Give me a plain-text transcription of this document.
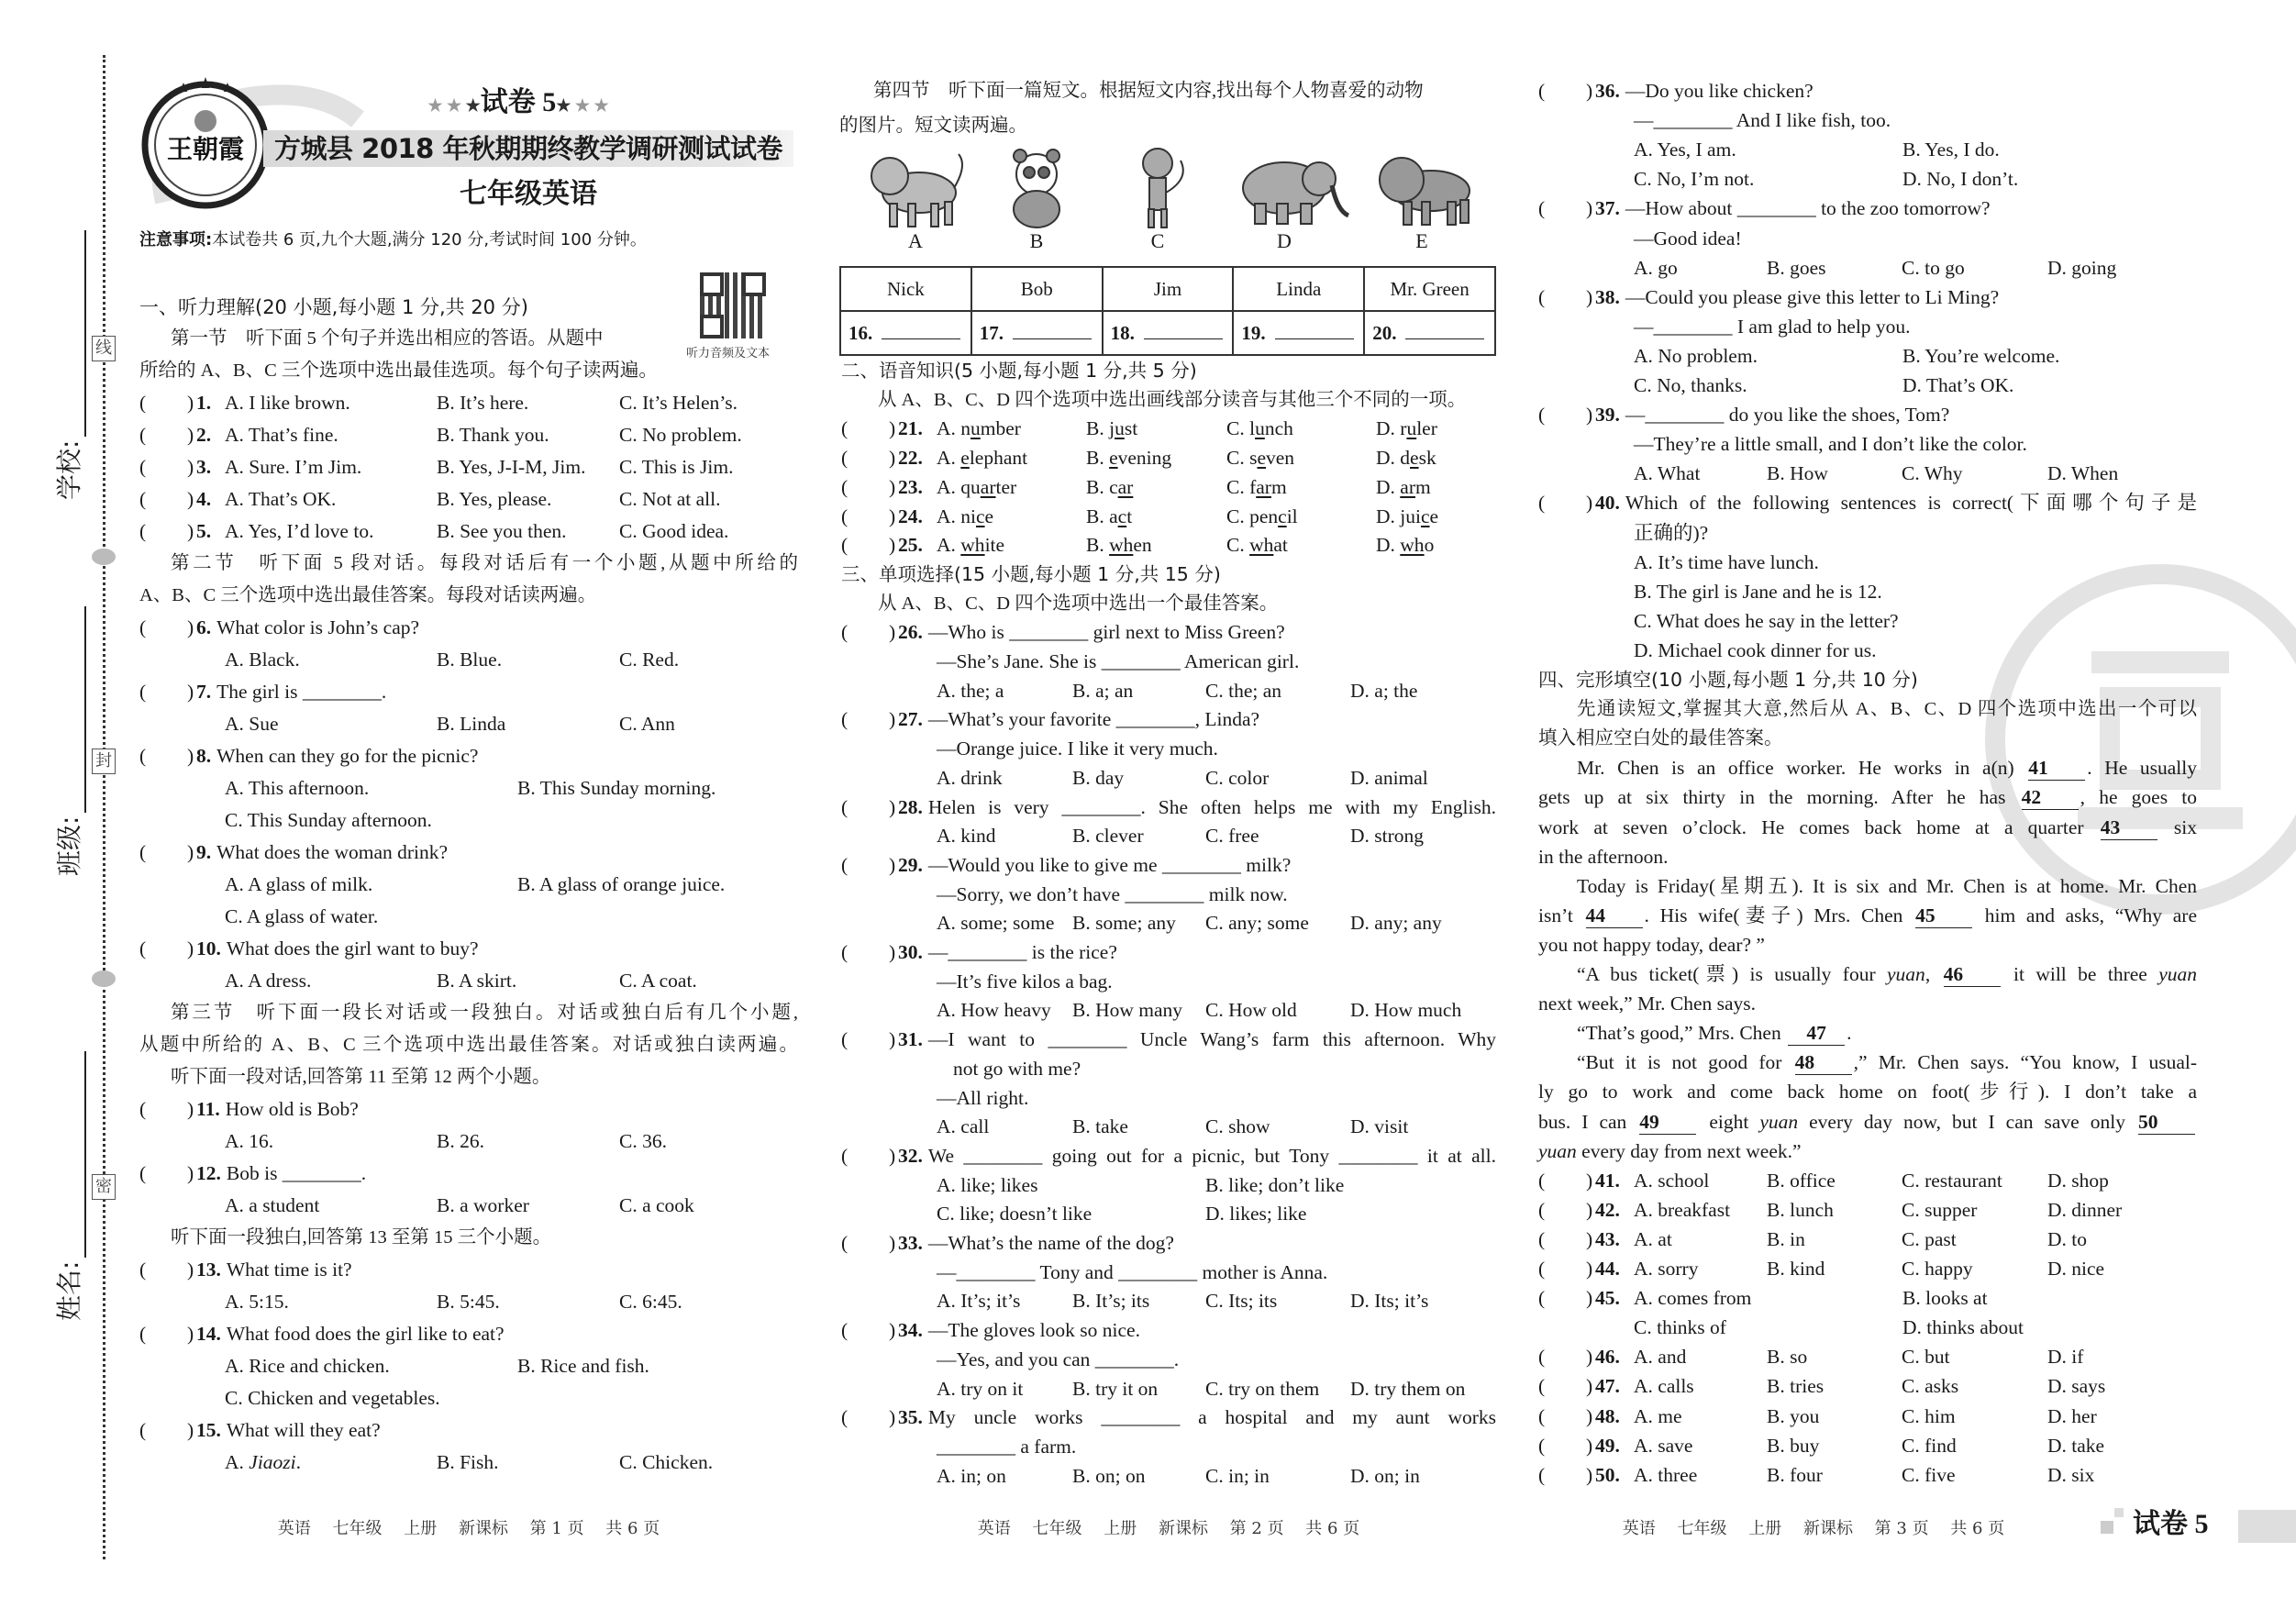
线
封
密
学校:
班级:
姓名:
王朝霞
★ ★ ★试卷 5★ ★ ★
方城县 2018 年秋期期终教学调研测试试卷
七年级英语
注意事项:本试卷共 6 页,九个大题,满分 120 分,考试时间 100 分钟。
一、听力理解(20 小题,每小题 1 分,共 20 分)
听力音频及文本
第一节　听下面 5 个句子并选出相应的答语。从题中
所给的 A、B、C 三个选项中选出最佳选项。每个句子读两遍。
( ) 1. A. I like brown.	B. It’s here.	C. It’s Helen’s.
( ) 2. A. That’s fine.	B. Thank you.	C. No problem.
( ) 3. A. Sure. I’m Jim.	B. Yes, J-I-M, Jim. C. This is Jim.
( ) 4. A. That’s OK.	B. Yes, please.	C. Not at all.
( ) 5. A. Yes, I’d love to.	B. See you then.	C. Good idea.
第二节　听下面 5 段对话。每段对话后有一个小题,从题中所给的
A、B、C 三个选项中选出最佳答案。每段对话读两遍。
( ) 6. What color is John’s cap?
A. Black.	B. Blue.	C. Red.
( ) 7. The girl is ________.
A. Sue	B. Linda	C. Ann
( ) 8. When can they go for the picnic?
A. This afternoon.	B. This Sunday morning.
C. This Sunday afternoon.
( ) 9. What does the woman drink?
A. A glass of milk.	B. A glass of orange juice.
C. A glass of water.
( ) 10. What does the girl want to buy?
A. A dress.	B. A skirt.	C. A coat.
第三节　听下面一段长对话或一段独白。对话或独白后有几个小题,
从题中所给的 A、B、C 三个选项中选出最佳答案。对话或独白读两遍。
听下面一段对话,回答第 11 至第 12 两个小题。
( ) 11. How old is Bob?
A. 16.	B. 26.	C. 36.
( ) 12. Bob is ________.
A. a student	B. a worker	C. a cook
听下面一段独白,回答第 13 至第 15 三个小题。
( ) 13. What time is it?
A. 5:15.	B. 5:45.	C. 6:45.
( ) 14. What food does the girl like to eat?
A. Rice and chicken.	B. Rice and fish.
C. Chicken and vegetables.
( ) 15. What will they eat?
A. Jiaozi.	B. Fish.	C. Chicken.
第四节　听下面一篇短文。根据短文内容,找出每个人物喜爱的动物
的图片。短文读两遍。
A	B	C	D	E
Nick	Bob	Jim	Linda	Mr. Green
16.	17.	18.	19.	20.
二、语音知识(5 小题,每小题 1 分,共 5 分)
从 A、B、C、D 四个选项中选出画线部分读音与其他三个不同的一项。
( ) 21. A. number	B. just	C. lunch	D. ruler
( ) 22. A. elephant	B. evening	C. seven	D. desk
( ) 23. A. quarter	B. car	C. farm	D. arm
( ) 24. A. nice	B. act	C. pencil	D. juice
( ) 25. A. white	B. when	C. what	D. who
三、单项选择(15 小题,每小题 1 分,共 15 分)
从 A、B、C、D 四个选项中选出一个最佳答案。
( ) 26. —Who is ________ girl next to Miss Green?
—She’s Jane. She is ________ American girl.
A. the; a	B. a; an	C. the; an	D. a; the
( ) 27. —What’s your favorite ________, Linda?
—Orange juice. I like it very much.
A. drink	B. day	C. color	D. animal
( ) 28. Helen is very ________. She often helps me with my English.
A. kind	B. clever	C. free	D. strong
( ) 29. —Would you like to give me ________ milk?
—Sorry, we don’t have ________ milk now.
A. some; some B. some; any C. any; some D. any; any
( ) 30. —________ is the rice?
—It’s five kilos a bag.
A. How heavy B. How many C. How old	D. How much
( ) 31. —I want to ________ Uncle Wang’s farm this afternoon. Why
not go with me?
—All right.
A. call	B. take	C. show	D. visit
( ) 32. We ________ going out for a picnic, but Tony ________ it at all.
A. like; likes	B. like; don’t like
C. like; doesn’t like	D. likes; like
( ) 33. —What’s the name of the dog?
—________ Tony and ________ mother is Anna.
A. It’s; it’s	B. It’s; its	C. Its; its	D. Its; it’s
( ) 34. —The gloves look so nice.
—Yes, and you can ________.
A. try on it B. try it on C. try on them D. try them on
( ) 35. My uncle works ________ a hospital and my aunt works
________ a farm.
A. in; on	B. on; on	C. in; in	D. on; in
( ) 36. —Do you like chicken?
—________ And I like fish, too.
A. Yes, I am.	B. Yes, I do.
C. No, I’m not.	D. No, I don’t.
( ) 37. —How about ________ to the zoo tomorrow?
—Good idea!
A. go	B. goes	C. to go	D. going
( ) 38. —Could you please give this letter to Li Ming?
—________ I am glad to help you.
A. No problem.	B. You’re welcome.
C. No, thanks.	D. That’s OK.
( ) 39. —________ do you like the shoes, Tom?
—They’re a little small, and I don’t like the color.
A. What	B. How	C. Why	D. When
( ) 40. Which of the following sentences is correct(下面哪个句子是
正确的)?
A. It’s time have lunch.
B. The girl is Jane and he is 12.
C. What does he say in the letter?
D. Michael cook dinner for us.
四、完形填空(10 小题,每小题 1 分,共 10 分)
先通读短文,掌握其大意,然后从 A、B、C、D 四个选项中选出一个可以
填入相应空白处的最佳答案。
Mr. Chen is an office worker. He works in a(n) 41 . He usually
gets up at six thirty in the morning. After he has 42 , he goes to
work at seven o’clock. He comes back home at a quarter 43 six
in the afternoon.
Today is Friday(星期五). It is six and Mr. Chen is at home. Mr. Chen
isn’t 44 . His wife(妻子) Mrs. Chen 45 him and asks, “Why are
you not happy today, dear? ”
“A bus ticket(票) is usually four yuan, 46 it will be three yuan
next week,” Mr. Chen says.
“That’s good,” Mrs. Chen 47 .
“But it is not good for 48 ,” Mr. Chen says. “You know, I usual-
ly go to work and come back home on foot(步行). I don’t take a
bus. I can 49 eight yuan every day now, but I can save only 50
yuan every day from next week.”
( ) 41. A. school	B. office	C. restaurant D. shop
( ) 42. A. breakfast B. lunch	C. supper	D. dinner
( ) 43. A. at	B. in	C. past	D. to
( ) 44. A. sorry	B. kind	C. happy	D. nice
( ) 45. A. comes from	B. looks at
C. thinks of	D. thinks about
( ) 46. A. and	B. so	C. but	D. if
( ) 47. A. calls	B. tries	C. asks	D. says
( ) 48. A. me	B. you	C. him	D. her
( ) 49. A. save	B. buy	C. find	D. take
( ) 50. A. three	B. four	C. five	D. six
英语　 七年级　 上册　 新课标　 第 1 页　 共 6 页	英语　 七年级　 上册　 新课标　 第 2 页　 共 6 页	英语　 七年级　 上册　 新课标　 第 3 页　 共 6 页	试卷 5
